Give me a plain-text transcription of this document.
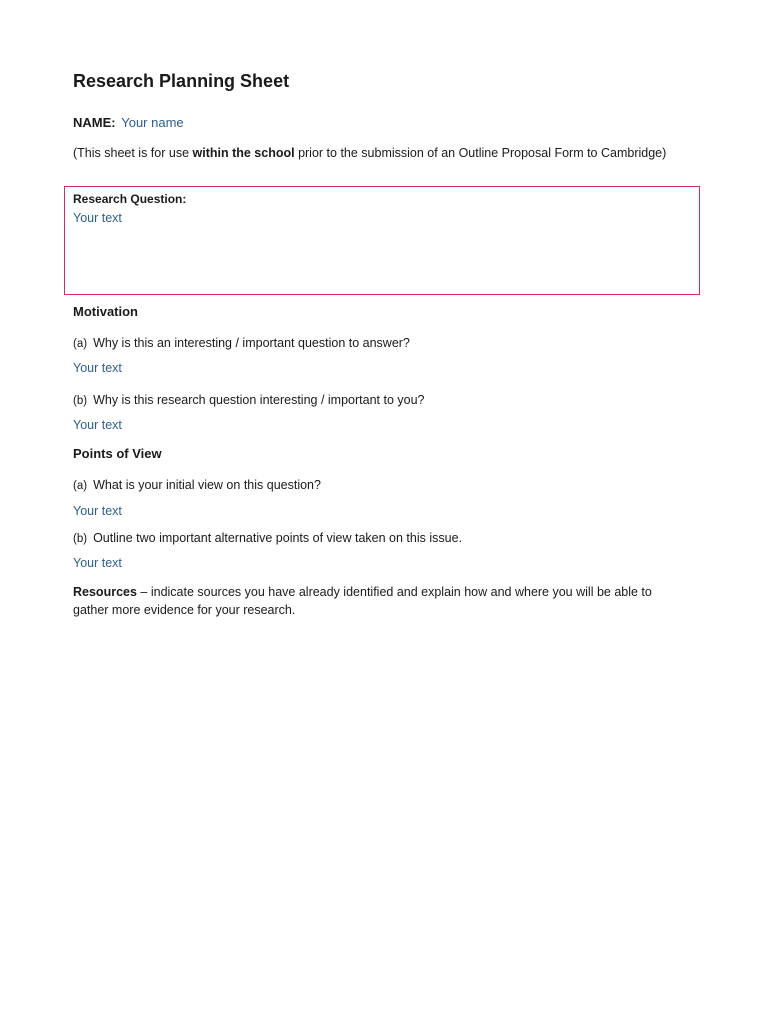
Research Planning Sheet
NAME: Your name
(This sheet is for use within the school prior to the submission of an Outline Proposal Form to Cambridge)
Research Question:
Your text
Motivation
(a) Why is this an interesting / important question to answer?
Your text
(b) Why is this research question interesting / important to you?
Your text
Points of View
(a) What is your initial view on this question?
Your text
(b) Outline two important alternative points of view taken on this issue.
Your text
Resources – indicate sources you have already identified and explain how and where you will be able to gather more evidence for your research.
